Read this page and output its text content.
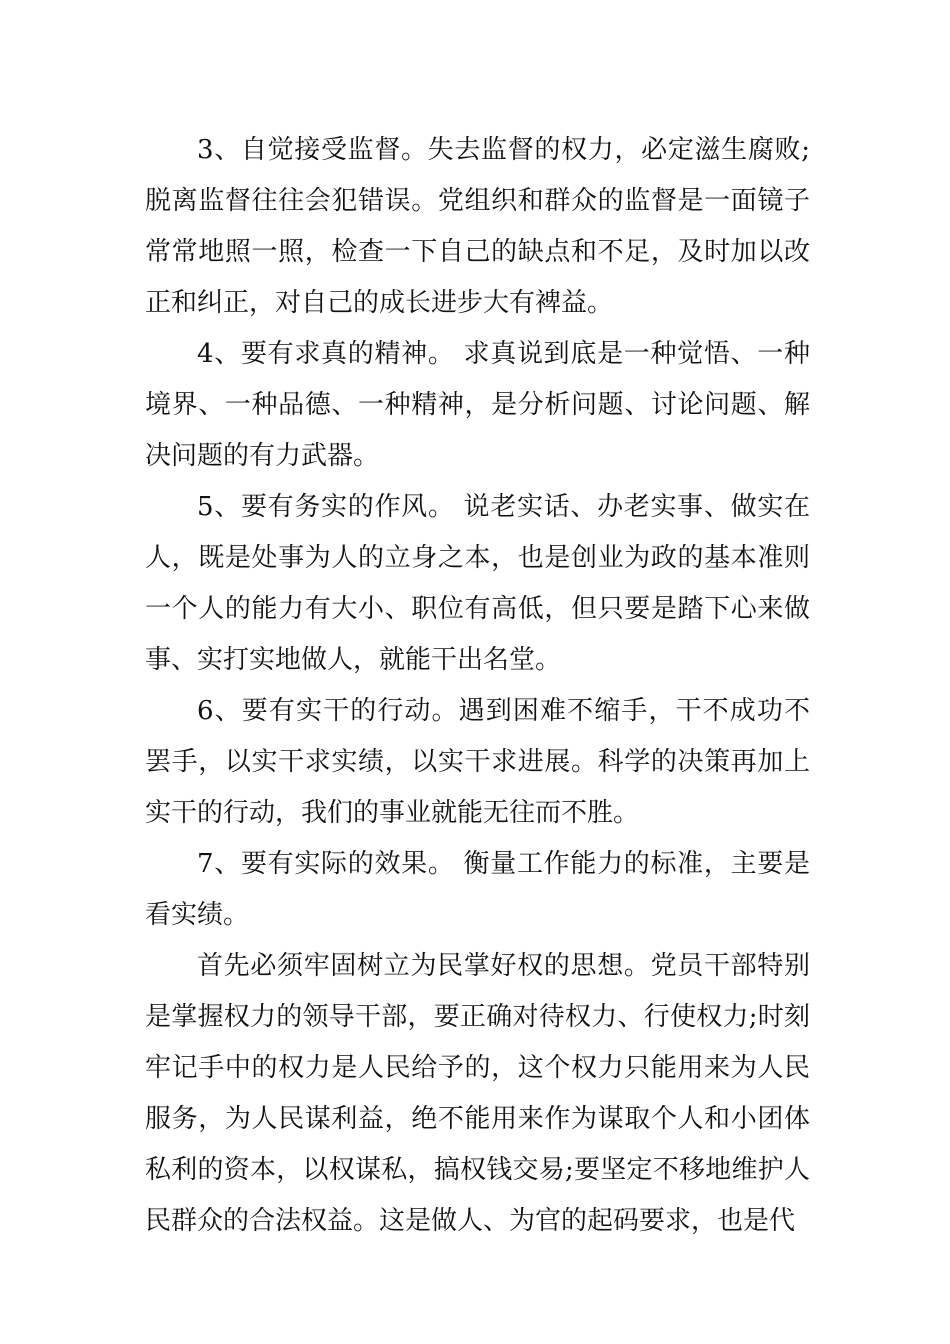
3、自觉接受监督。失去监督的权力，必定滋生腐败;脱离监督往往会犯错误。党组织和群众的监督是一面镜子常常地照一照，检查一下自己的缺点和不足，及时加以改正和纠正，对自己的成长进步大有裨益。

4、要有求真的精神。 求真说到底是一种觉悟、一种境界、一种品德、一种精神，是分析问题、讨论问题、解决问题的有力武器。

5、要有务实的作风。 说老实话、办老实事、做实在人，既是处事为人的立身之本，也是创业为政的基本准则一个人的能力有大小、职位有高低，但只要是踏下心来做事、实打实地做人，就能干出名堂。

6、要有实干的行动。遇到困难不缩手，干不成功不罢手，以实干求实绩，以实干求进展。科学的决策再加上实干的行动，我们的事业就能无往而不胜。

7、要有实际的效果。 衡量工作能力的标准，主要是看实绩。

首先必须牢固树立为民掌好权的思想。党员干部特别是掌握权力的领导干部，要正确对待权力、行使权力;时刻牢记手中的权力是人民给予的，这个权力只能用来为人民服务，为人民谋利益，绝不能用来作为谋取个人和小团体私利的资本，以权谋私，搞权钱交易;要坚定不移地维护人民群众的合法权益。这是做人、为官的起码要求，也是代
